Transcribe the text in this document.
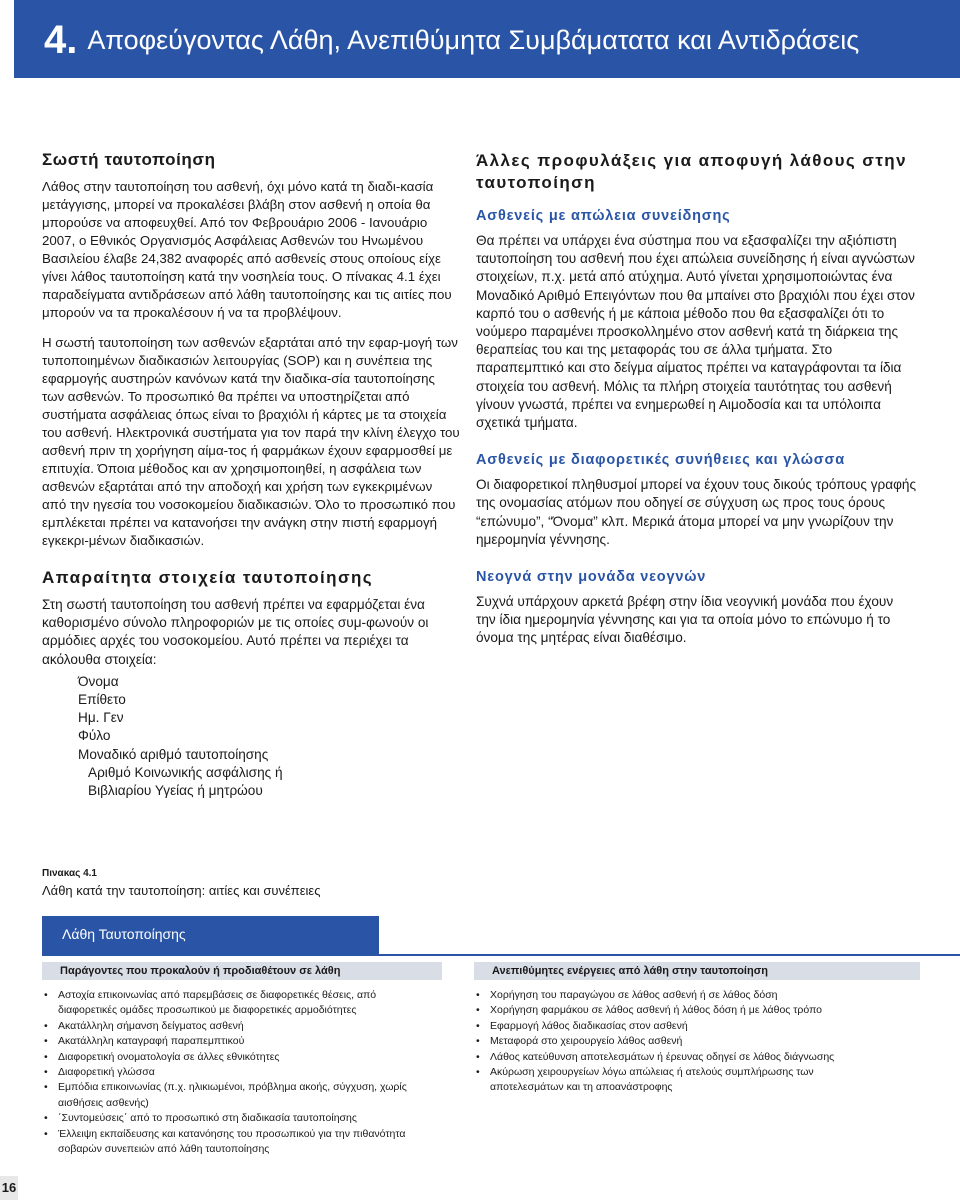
4. Αποφεύγοντας Λάθη, Ανεπιθύμητα Συμβάματατα και Αντιδράσεις
Σωστή ταυτοποίηση

Λάθος στην ταυτοποίηση του ασθενή, όχι μόνο κατά τη διαδι-κασία μετάγγισης, μπορεί να προκαλέσει βλάβη στον ασθενή η οποία θα μπορούσε να αποφευχθεί. Από τον Φεβρουάριο 2006 - Ιανουάριο 2007, ο Εθνικός Οργανισμός Ασφάλειας Ασθενών του Ηνωμένου Βασιλείου έλαβε 24,382 αναφορές από ασθενείς στους οποίους είχε γίνει λάθος ταυτοποίηση κατά την νοσηλεία τους. Ο πίνακας 4.1 έχει παραδείγματα αντιδράσεων από λάθη ταυτοποίησης και τις αιτίες που μπορούν να τα προκαλέσουν ή να τα προβλέψουν.

Η σωστή ταυτοποίηση των ασθενών εξαρτάται από την εφαρ-μογή των τυποποιημένων διαδικασιών λειτουργίας (SOP) και η συνέπεια της εφαρμογής αυστηρών κανόνων κατά την διαδικα-σία ταυτοποίησης των ασθενών. Το προσωπικό θα πρέπει να υποστηρίζεται από συστήματα ασφάλειας όπως είναι το βραχιόλι ή κάρτες με τα στοιχεία του ασθενή. Ηλεκτρονικά συστήματα για τον παρά την κλίνη έλεγχο του ασθενή πριν τη χορήγηση αίμα-τος ή φαρμάκων έχουν εφαρμοσθεί με επιτυχία. Όποια μέθοδος και αν χρησιμοποιηθεί, η ασφάλεια των ασθενών εξαρτάται από την αποδοχή και χρήση των εγκεκριμένων από την ηγεσία του νοσοκομείου διαδικασιών. Όλο το προσωπικό που εμπλέκεται πρέπει να κατανοήσει την ανάγκη στην πιστή εφαρμογή εγκεκρι-μένων διαδικασιών.

Απαραίτητα στοιχεία ταυτοποίησης

Στη σωστή ταυτοποίηση του ασθενή πρέπει να εφαρμόζεται ένα καθορισμένο σύνολο πληροφοριών με τις οποίες συμ-φωνούν οι αρμόδιες αρχές του νοσοκομείου. Αυτό πρέπει να περιέχει τα ακόλουθα στοιχεία:

Όνομα
Επίθετο
Ημ. Γεν
Φύλο
Μοναδικό αριθμό ταυτοποίησης
Αριθμό Κοινωνικής ασφάλισης ή
Βιβλιαρίου Υγείας ή μητρώου
Άλλες προφυλάξεις για αποφυγή λάθους στην ταυτοποίηση
Ασθενείς με απώλεια συνείδησης

Θα πρέπει να υπάρχει ένα σύστημα που να εξασφαλίζει την αξιόπιστη ταυτοποίηση του ασθενή που έχει απώλεια συνείδησης ή είναι αγνώστων στοιχείων, π.χ. μετά από ατύχημα. Αυτό γίνεται χρησιμοποιώντας ένα Μοναδικό Αριθμό Επειγόντων που θα μπαίνει στο βραχιόλι που έχει στον καρπό του ο ασθενής ή με κάποια μέθοδο που θα εξασφαλίζει ότι το νούμερο παραμένει προσκολλημένο στον ασθενή κατά τη διάρκεια της θεραπείας του και της μεταφοράς του σε άλλα τμήματα. Στο παραπεμπτικό και στο δείγμα αίματος πρέπει να καταγράφονται τα ίδια στοιχεία του ασθενή. Μόλις τα πλήρη στοιχεία ταυτότητας του ασθενή γίνουν γνωστά, πρέπει να ενημερωθεί η Αιμοδοσία και τα υπόλοιπα σχετικά τμήματα.

Ασθενείς με διαφορετικές συνήθειες και γλώσσα

Οι διαφορετικοί πληθυσμοί μπορεί να έχουν τους δικούς τρόπους γραφής της ονομασίας ατόμων που οδηγεί σε σύγχυση ως προς τους όρους “επώνυμο”, “Όνομα” κλπ. Μερικά άτομα μπορεί να μην γνωρίζουν την ημερομηνία γέννησης.

Νεογνά στην μονάδα νεογνών

Συχνά υπάρχουν αρκετά βρέφη στην ίδια νεογνική μονάδα που έχουν την ίδια ημερομηνία γέννησης και για τα οποία μόνο το επώνυμο ή το όνομα της μητέρας είναι διαθέσιμο.

Πινακας 4.1
Λάθη κατά την ταυτοποίηση: αιτίες και συνέπειες
Λάθη Ταυτοποίησης
Παράγοντες που προκαλούν ή προδιαθέτουν σε λάθη	Ανεπιθύμητες ενέργειες από λάθη στην ταυτοποίηση
• Αστοχία επικοινωνίας από παρεμβάσεις σε διαφορετικές θέσεις, από διαφορετικές ομάδες προσωπικού με διαφορετικές αρμοδιότητες
• Ακατάλληλη σήμανση δείγματος ασθενή
• Ακατάλληλη καταγραφή παραπεμπτικού
• Διαφορετική ονοματολογία σε άλλες εθνικότητες
• Διαφορετική γλώσσα
• Εμπόδια επικοινωνίας (π.χ. ηλικιωμένοι, πρόβλημα ακοής, σύγχυση, χωρίς αισθήσεις ασθενής)
• ΄Συντομεύσεις΄ από το προσωπικό στη διαδικασία ταυτοποίησης
• Έλλειψη εκπαίδευσης και κατανόησης του προσωπικού για την πιθανότητα σοβαρών συνεπειών από λάθη ταυτοποίησης
• Χορήγηση του παραγώγου σε λάθος ασθενή ή σε λάθος δόση
• Χορήγηση φαρμάκου σε λάθος ασθενή ή λάθος δόση ή με λάθος τρόπο
• Εφαρμογή λάθος διαδικασίας στον ασθενή
• Μεταφορά στο χειρουργείο λάθος ασθενή
• Λάθος κατεύθυνση αποτελεσμάτων ή έρευνας οδηγεί σε λάθος διάγνωσης
• Ακύρωση χειρουργείων λόγω απώλειας ή ατελούς συμπλήρωσης των αποτελεσμάτων και τη αποανάστροφης
16
